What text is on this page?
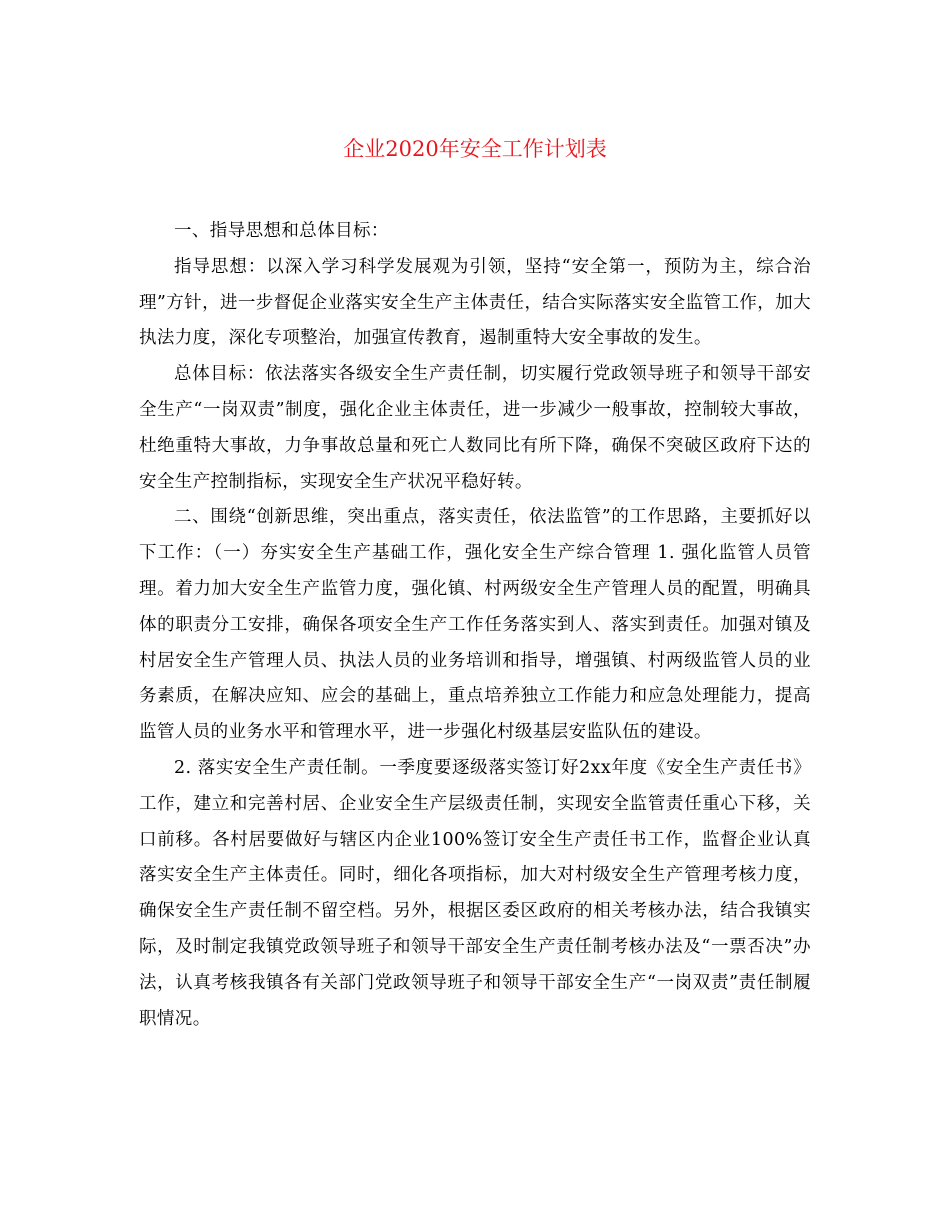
企业2020年安全工作计划表

一、指导思想和总体目标：

指导思想：以深入学习科学发展观为引领，坚持“安全第一，预防为主，综合治理”方针，进一步督促企业落实安全生产主体责任，结合实际落实安全监管工作，加大执法力度，深化专项整治，加强宣传教育，遏制重特大安全事故的发生。

总体目标：依法落实各级安全生产责任制，切实履行党政领导班子和领导干部安全生产“一岗双责”制度，强化企业主体责任，进一步减少一般事故，控制较大事故，杜绝重特大事故，力争事故总量和死亡人数同比有所下降，确保不突破区政府下达的安全生产控制指标，实现安全生产状况平稳好转。

二、围绕“创新思维，突出重点，落实责任，依法监管”的工作思路，主要抓好以下工作：（一）夯实安全生产基础工作，强化安全生产综合管理 1. 强化监管人员管理。着力加大安全生产监管力度，强化镇、村两级安全生产管理人员的配置，明确具体的职责分工安排，确保各项安全生产工作任务落实到人、落实到责任。加强对镇及村居安全生产管理人员、执法人员的业务培训和指导，增强镇、村两级监管人员的业务素质，在解决应知、应会的基础上，重点培养独立工作能力和应急处理能力，提高监管人员的业务水平和管理水平，进一步强化村级基层安监队伍的建设。

2. 落实安全生产责任制。一季度要逐级落实签订好2xx年度《安全生产责任书》工作，建立和完善村居、企业安全生产层级责任制，实现安全监管责任重心下移，关口前移。各村居要做好与辖区内企业100%签订安全生产责任书工作，监督企业认真落实安全生产主体责任。同时，细化各项指标，加大对村级安全生产管理考核力度，确保安全生产责任制不留空档。另外，根据区委区政府的相关考核办法，结合我镇实际，及时制定我镇党政领导班子和领导干部安全生产责任制考核办法及“一票否决”办法，认真考核我镇各有关部门党政领导班子和领导干部安全生产“一岗双责”责任制履职情况。
